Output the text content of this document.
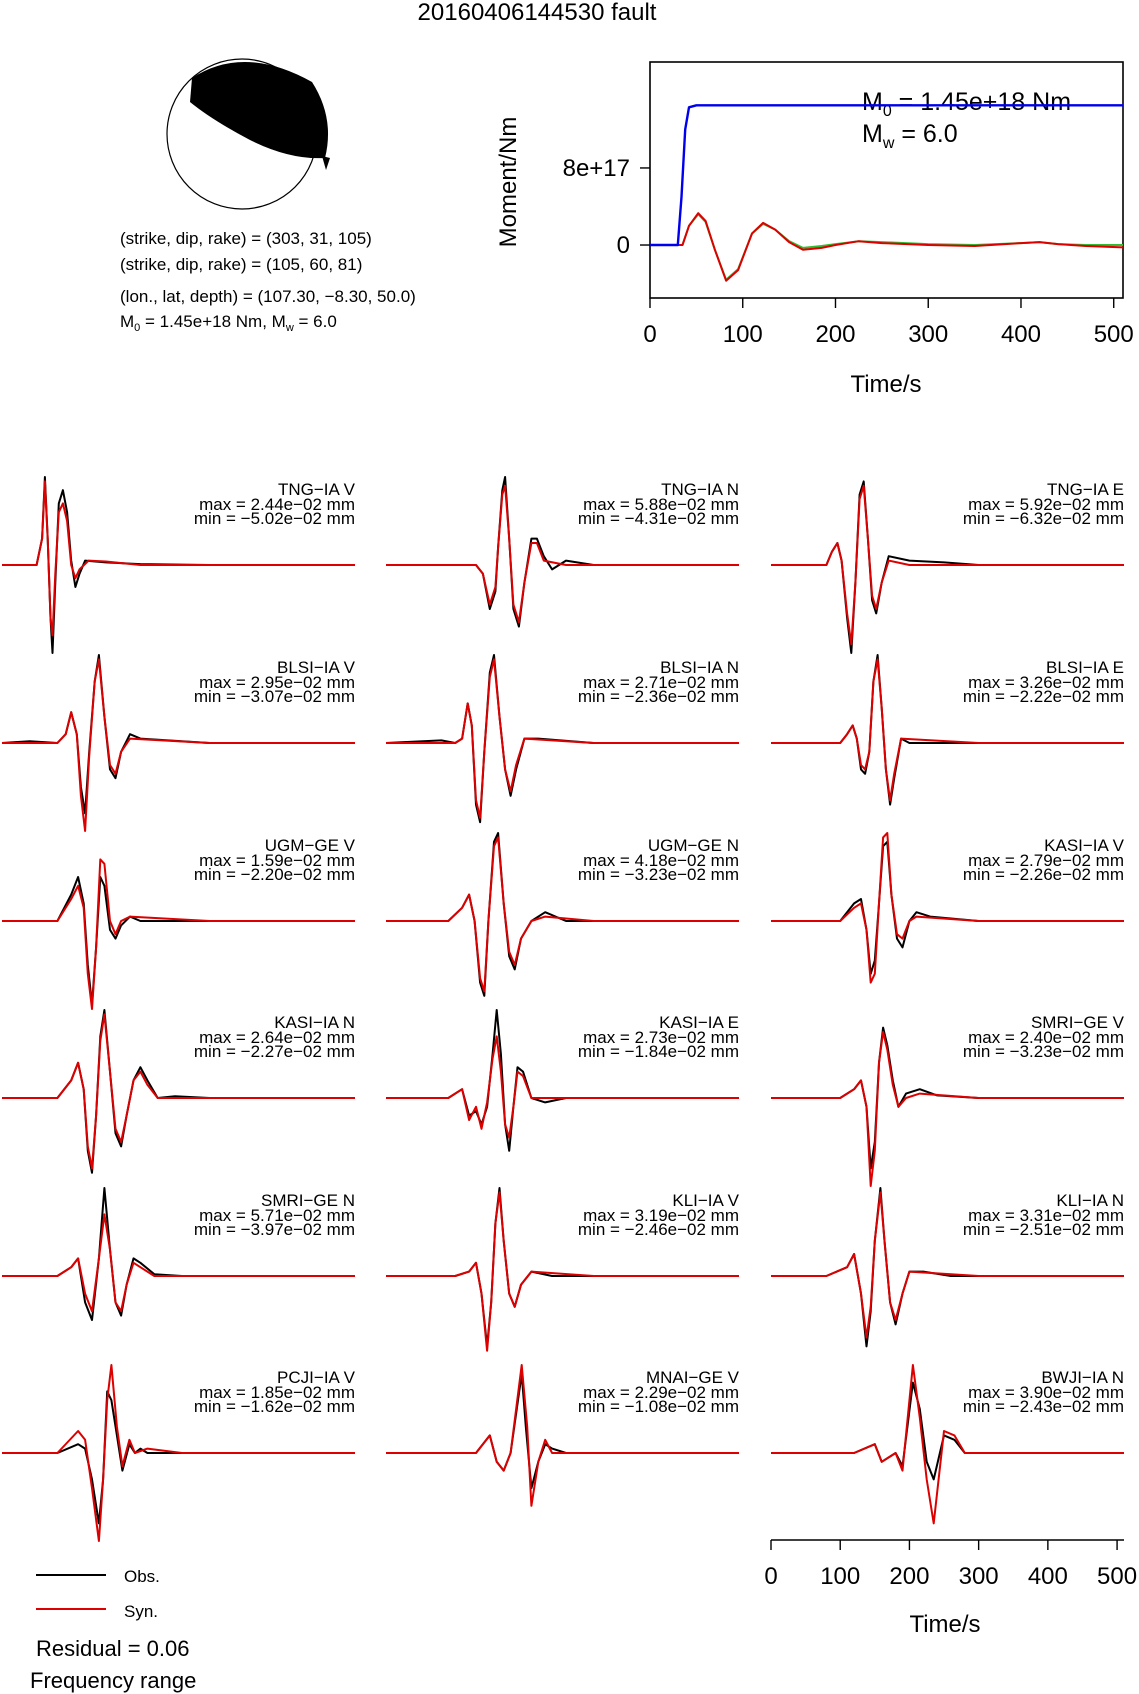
20160406144530 fault
(strike, dip, rake) = (303, 31, 105)
(strike, dip, rake) = (105, 60, 81)
(lon., lat, depth) = (107.30, −8.30, 50.0)
$M_0 = 1.45e+18$ Nm, $M_w = 6.0$
Moment/Nm
Time/s
$M_0 = 1.45e+18$ Nm
$M_w = 6.0$
0	100 200 300 400 500
0
8e+17
TNG−IA V
max = 2.44e−02 mm
min = −5.02e−02 mm
TNG−IA N
max = 5.88e−02 mm
min = −4.31e−02 mm
TNG−IA E
max = 5.92e−02 mm
min = −6.32e−02 mm
BLSI−IA V
max = 2.95e−02 mm
min = −3.07e−02 mm
BLSI−IA N
max = 2.71e−02 mm
min = −2.36e−02 mm
BLSI−IA E
max = 3.26e−02 mm
min = −2.22e−02 mm
UGM−GE V
max = 1.59e−02 mm
min = −2.20e−02 mm
UGM−GE N
max = 4.18e−02 mm
min = −3.23e−02 mm
KASI−IA V
max = 2.79e−02 mm
min = −2.26e−02 mm
KASI−IA N
max = 2.64e−02 mm
min = −2.27e−02 mm
KASI−IA E
max = 2.73e−02 mm
min = −1.84e−02 mm
SMRI−GE V
max = 2.40e−02 mm
min = −3.23e−02 mm
SMRI−GE N
max = 5.71e−02 mm
min = −3.97e−02 mm
KLI−IA V
max = 3.19e−02 mm
min = −2.46e−02 mm
KLI−IA N
max = 3.31e−02 mm
min = −2.51e−02 mm
PCJI−IA V
max = 1.85e−02 mm
min = −1.62e−02 mm
MNAI−GE V
max = 2.29e−02 mm
min = −1.08e−02 mm
BWJI−IA N
max = 3.90e−02 mm
min = −2.43e−02 mm
Time/s
0 100 200 300 400 500
Obs.
Syn.
Residual = 0.06
Frequency range
